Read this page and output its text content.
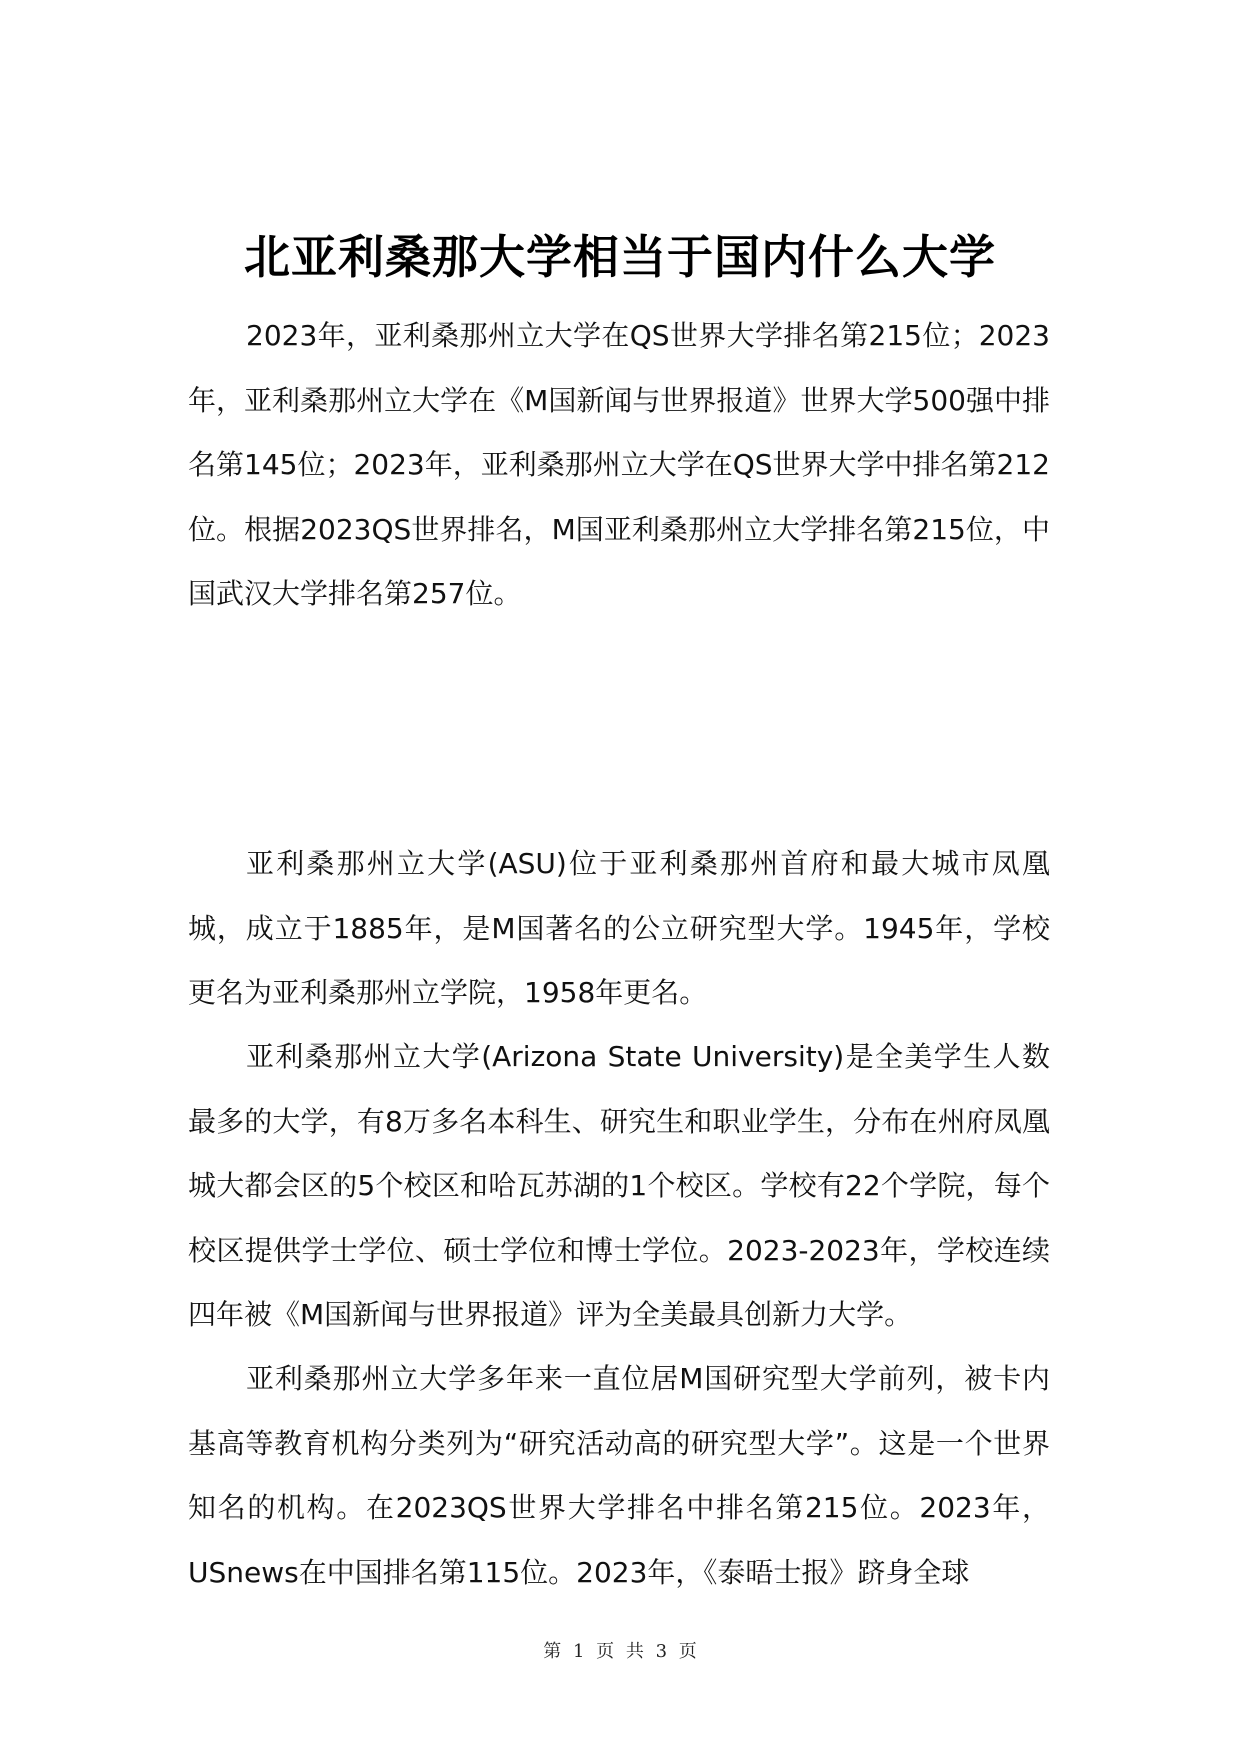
北亚利桑那大学相当于国内什么大学

2023年，亚利桑那州立大学在QS世界大学排名第215位；2023年，亚利桑那州立大学在《M国新闻与世界报道》世界大学500强中排名第145位；2023年，亚利桑那州立大学在QS世界大学中排名第212位。根据2023QS世界排名，M国亚利桑那州立大学排名第215位，中国武汉大学排名第257位。

亚利桑那州立大学(ASU)位于亚利桑那州首府和最大城市凤凰城，成立于1885年，是M国著名的公立研究型大学。1945年，学校更名为亚利桑那州立学院，1958年更名。

亚利桑那州立大学(Arizona State University)是全美学生人数最多的大学，有8万多名本科生、研究生和职业学生，分布在州府凤凰城大都会区的5个校区和哈瓦苏湖的1个校区。学校有22个学院，每个校区提供学士学位、硕士学位和博士学位。2023-2023年，学校连续四年被《M国新闻与世界报道》评为全美最具创新力大学。

亚利桑那州立大学多年来一直位居M国研究型大学前列，被卡内基高等教育机构分类列为“研究活动高的研究型大学”。这是一个世界知名的机构。在2023QS世界大学排名中排名第215位。2023年，USnews在中国排名第115位。2023年，《泰晤士报》跻身全球

第 1 页 共 3 页
